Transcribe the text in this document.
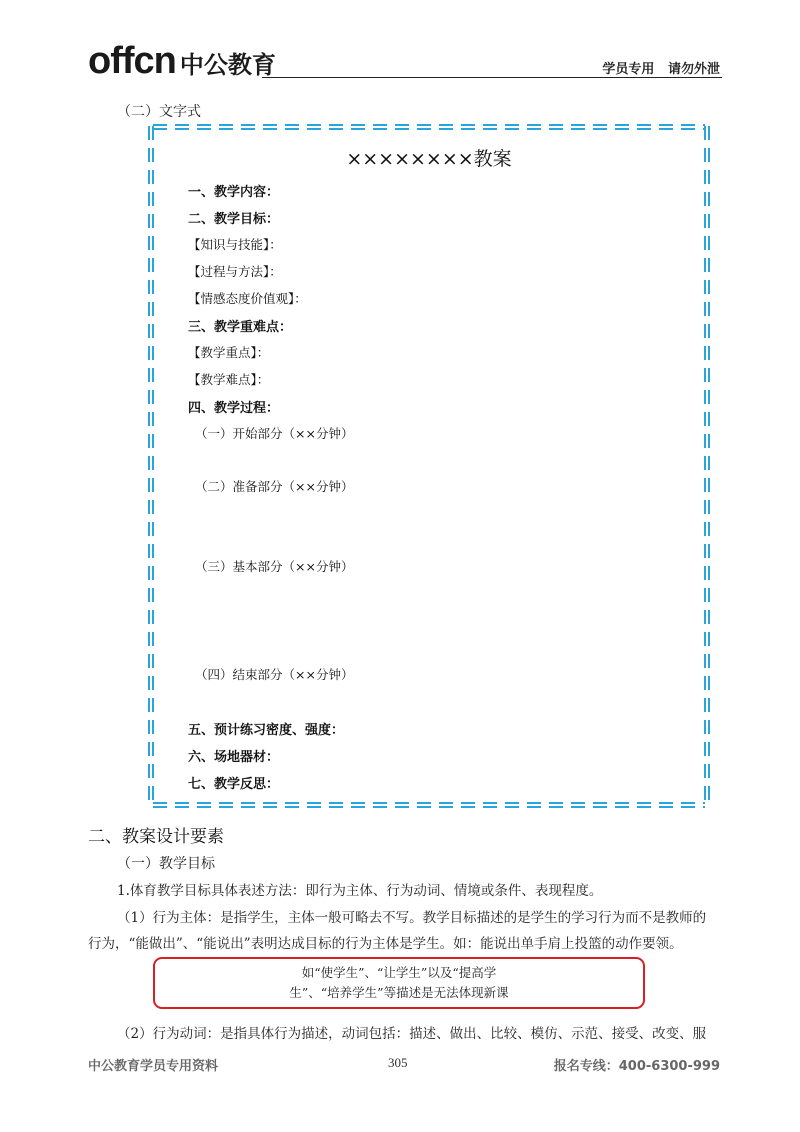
offcn 中公教育	学员专用   请勿外泄
（二）文字式
××××××××教案
一、教学内容：
二、教学目标：
【知识与技能】：
【过程与方法】：
【情感态度价值观】：
三、教学重难点：
【教学重点】：
【教学难点】：
四、教学过程：
（一）开始部分（××分钟）
（二）准备部分（××分钟）
（三）基本部分（××分钟）
（四）结束部分（××分钟）
五、预计练习密度、强度：
六、场地器材：
七、教学反思：
二、教案设计要素
（一）教学目标
1.体育教学目标具体表述方法：即行为主体、行为动词、情境或条件、表现程度。
（1）行为主体：是指学生，主体一般可略去不写。教学目标描述的是学生的学习行为而不是教师的
行为，“能做出”、“能说出”表明达成目标的行为主体是学生。如：能说出单手肩上投篮的动作要领。
如“使学生”、“让学生”以及“提高学
生”、“培养学生”等描述是无法体现新课
（2）行为动词：是指具体行为描述，动词包括：描述、做出、比较、模仿、示范、接受、改变、服
中公教育学员专用资料	305	报名专线：400-6300-999
